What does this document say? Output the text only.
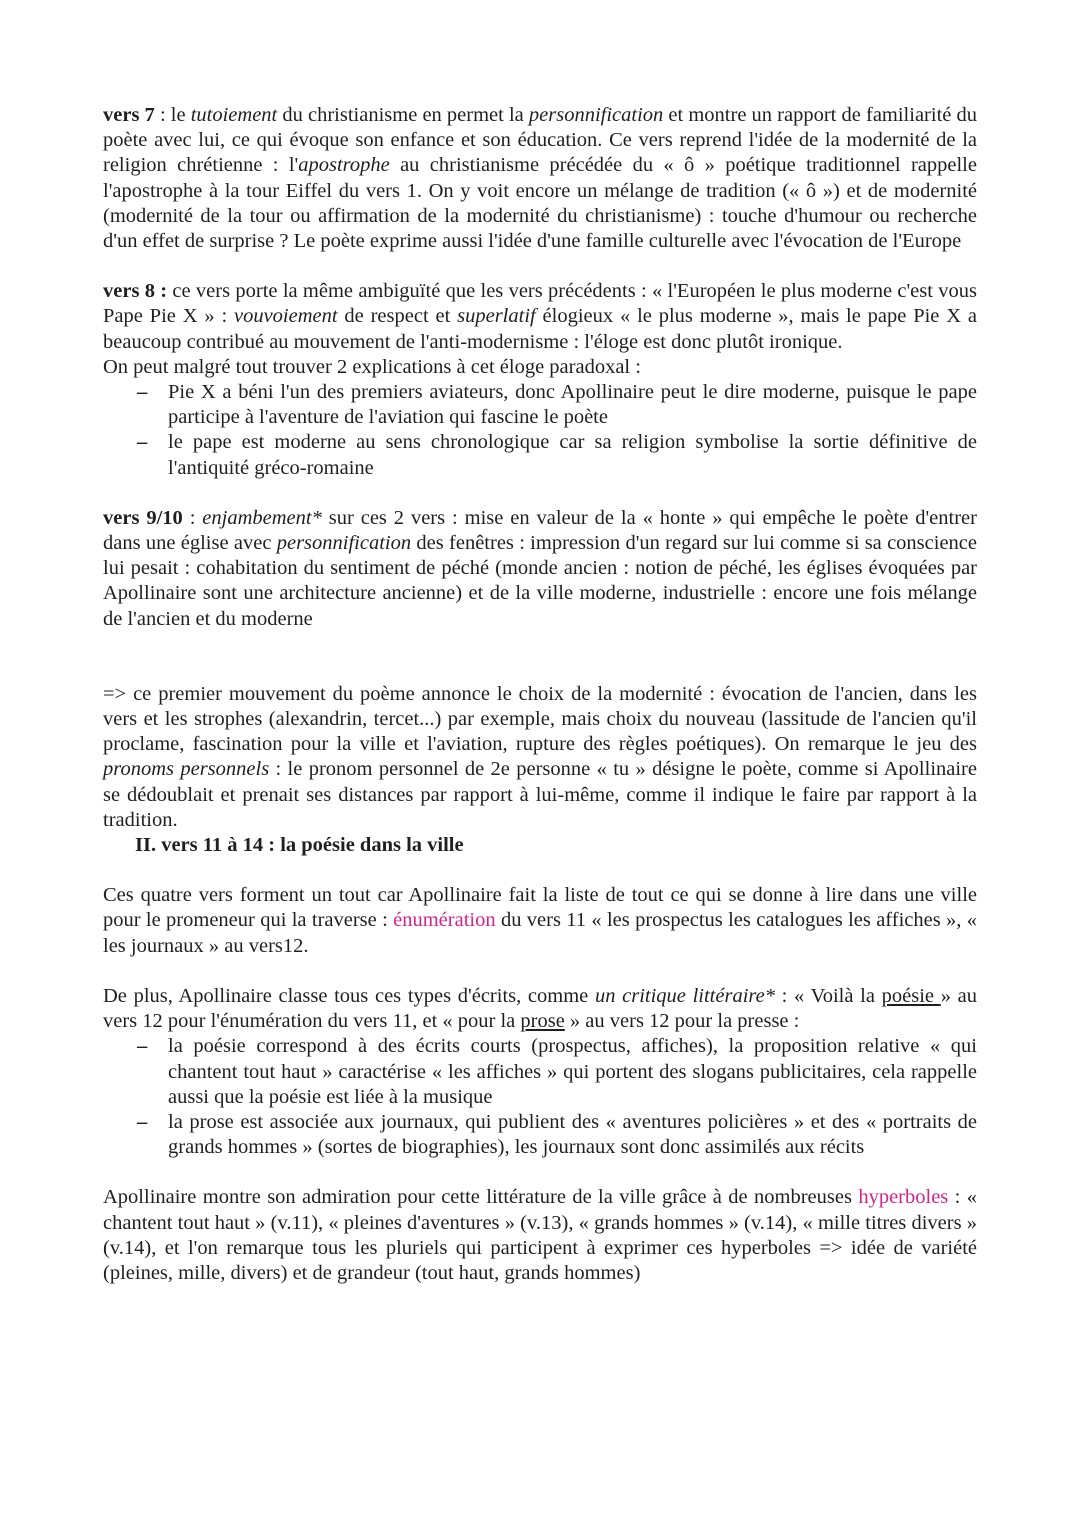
vers 7 : le tutoiement du christianisme en permet la personnification et montre un rapport de familiarité du poète avec lui, ce qui évoque son enfance et son éducation. Ce vers reprend l'idée de la modernité de la religion chrétienne : l'apostrophe au christianisme précédée du « ô » poétique traditionnel rappelle l'apostrophe à la tour Eiffel du vers 1. On y voit encore un mélange de tradition (« ô ») et de modernité (modernité de la tour ou affirmation de la modernité du christianisme) : touche d'humour ou recherche d'un effet de surprise ? Le poète exprime aussi l'idée d'une famille culturelle avec l'évocation de l'Europe

vers 8 : ce vers porte la même ambiguïté que les vers précédents : « l'Européen le plus moderne c'est vous Pape Pie X » : vouvoiement de respect et superlatif élogieux « le plus moderne », mais le pape Pie X a beaucoup contribué au mouvement de l'anti-modernisme : l'éloge est donc plutôt ironique.

On peut malgré tout trouver 2 explications à cet éloge paradoxal :

– Pie X a béni l'un des premiers aviateurs, donc Apollinaire peut le dire moderne, puisque le pape participe à l'aventure de l'aviation qui fascine le poète
– le pape est moderne au sens chronologique car sa religion symbolise la sortie définitive de l'antiquité gréco-romaine

vers 9/10 : enjambement* sur ces 2 vers : mise en valeur de la « honte » qui empêche le poète d'entrer dans une église avec personnification des fenêtres : impression d'un regard sur lui comme si sa conscience lui pesait : cohabitation du sentiment de péché (monde ancien : notion de péché, les églises évoquées par Apollinaire sont une architecture ancienne) et de la ville moderne, industrielle : encore une fois mélange de l'ancien et du moderne

=> ce premier mouvement du poème annonce le choix de la modernité : évocation de l'ancien, dans les vers et les strophes (alexandrin, tercet...) par exemple, mais choix du nouveau (lassitude de l'ancien qu'il proclame, fascination pour la ville et l'aviation, rupture des règles poétiques). On remarque le jeu des pronoms personnels : le pronom personnel de 2e personne « tu » désigne le poète, comme si Apollinaire se dédoublait et prenait ses distances par rapport à lui-même, comme il indique le faire par rapport à la tradition.

II. vers 11 à 14 : la poésie dans la ville

Ces quatre vers forment un tout car Apollinaire fait la liste de tout ce qui se donne à lire dans une ville pour le promeneur qui la traverse : énumération du vers 11 « les prospectus les catalogues les affiches », « les journaux » au vers12.

De plus, Apollinaire classe tous ces types d'écrits, comme un critique littéraire* : « Voilà la poésie » au vers 12 pour l'énumération du vers 11, et « pour la prose » au vers 12 pour la presse :

– la poésie correspond à des écrits courts (prospectus, affiches), la proposition relative « qui chantent tout haut » caractérise « les affiches » qui portent des slogans publicitaires, cela rappelle aussi que la poésie est liée à la musique
– la prose est associée aux journaux, qui publient des « aventures policières » et des « portraits de grands hommes » (sortes de biographies), les journaux sont donc assimilés aux récits

Apollinaire montre son admiration pour cette littérature de la ville grâce à de nombreuses hyperboles : « chantent tout haut » (v.11), « pleines d'aventures » (v.13), « grands hommes » (v.14), « mille titres divers » (v.14), et l'on remarque tous les pluriels qui participent à exprimer ces hyperboles => idée de variété (pleines, mille, divers) et de grandeur (tout haut, grands hommes)
